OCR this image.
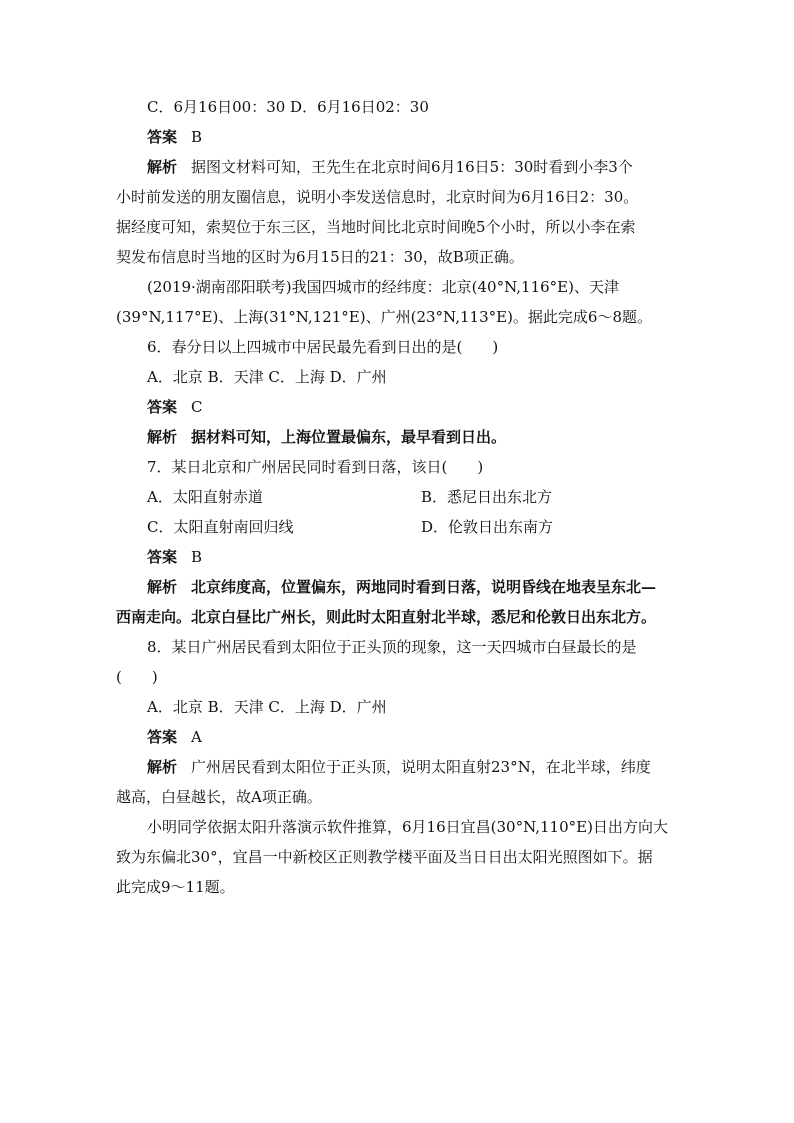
C．6月16日00：30 D．6月16日02：30
答案 B
解析 据图文材料可知，王先生在北京时间6月16日5：30时看到小李3个
小时前发送的朋友圈信息，说明小李发送信息时，北京时间为6月16日2：30。
据经度可知，索契位于东三区，当地时间比北京时间晚5个小时，所以小李在索
契发布信息时当地的区时为6月15日的21：30，故B项正确。
(2019·湖南邵阳联考)我国四城市的经纬度：北京(40°N,116°E)、天津
(39°N,117°E)、上海(31°N,121°E)、广州(23°N,113°E)。据此完成6～8题。
6．春分日以上四城市中居民最先看到日出的是(　　)
A．北京 B．天津 C．上海 D．广州
答案 C
解析 据材料可知，上海位置最偏东，最早看到日出。
7．某日北京和广州居民同时看到日落，该日(　　)
A．太阳直射赤道	B．悉尼日出东北方
C．太阳直射南回归线	D．伦敦日出东南方
答案 B
解析 北京纬度高，位置偏东，两地同时看到日落，说明昏线在地表呈东北—
西南走向。北京白昼比广州长，则此时太阳直射北半球，悉尼和伦敦日出东北方。
8．某日广州居民看到太阳位于正头顶的现象，这一天四城市白昼最长的是
(　　)
A．北京 B．天津 C．上海 D．广州
答案 A
解析 广州居民看到太阳位于正头顶，说明太阳直射23°N，在北半球，纬度
越高，白昼越长，故A项正确。
小明同学依据太阳升落演示软件推算，6月16日宜昌(30°N,110°E)日出方向大
致为东偏北30°，宜昌一中新校区正则教学楼平面及当日日出太阳光照图如下。据
此完成9～11题。
